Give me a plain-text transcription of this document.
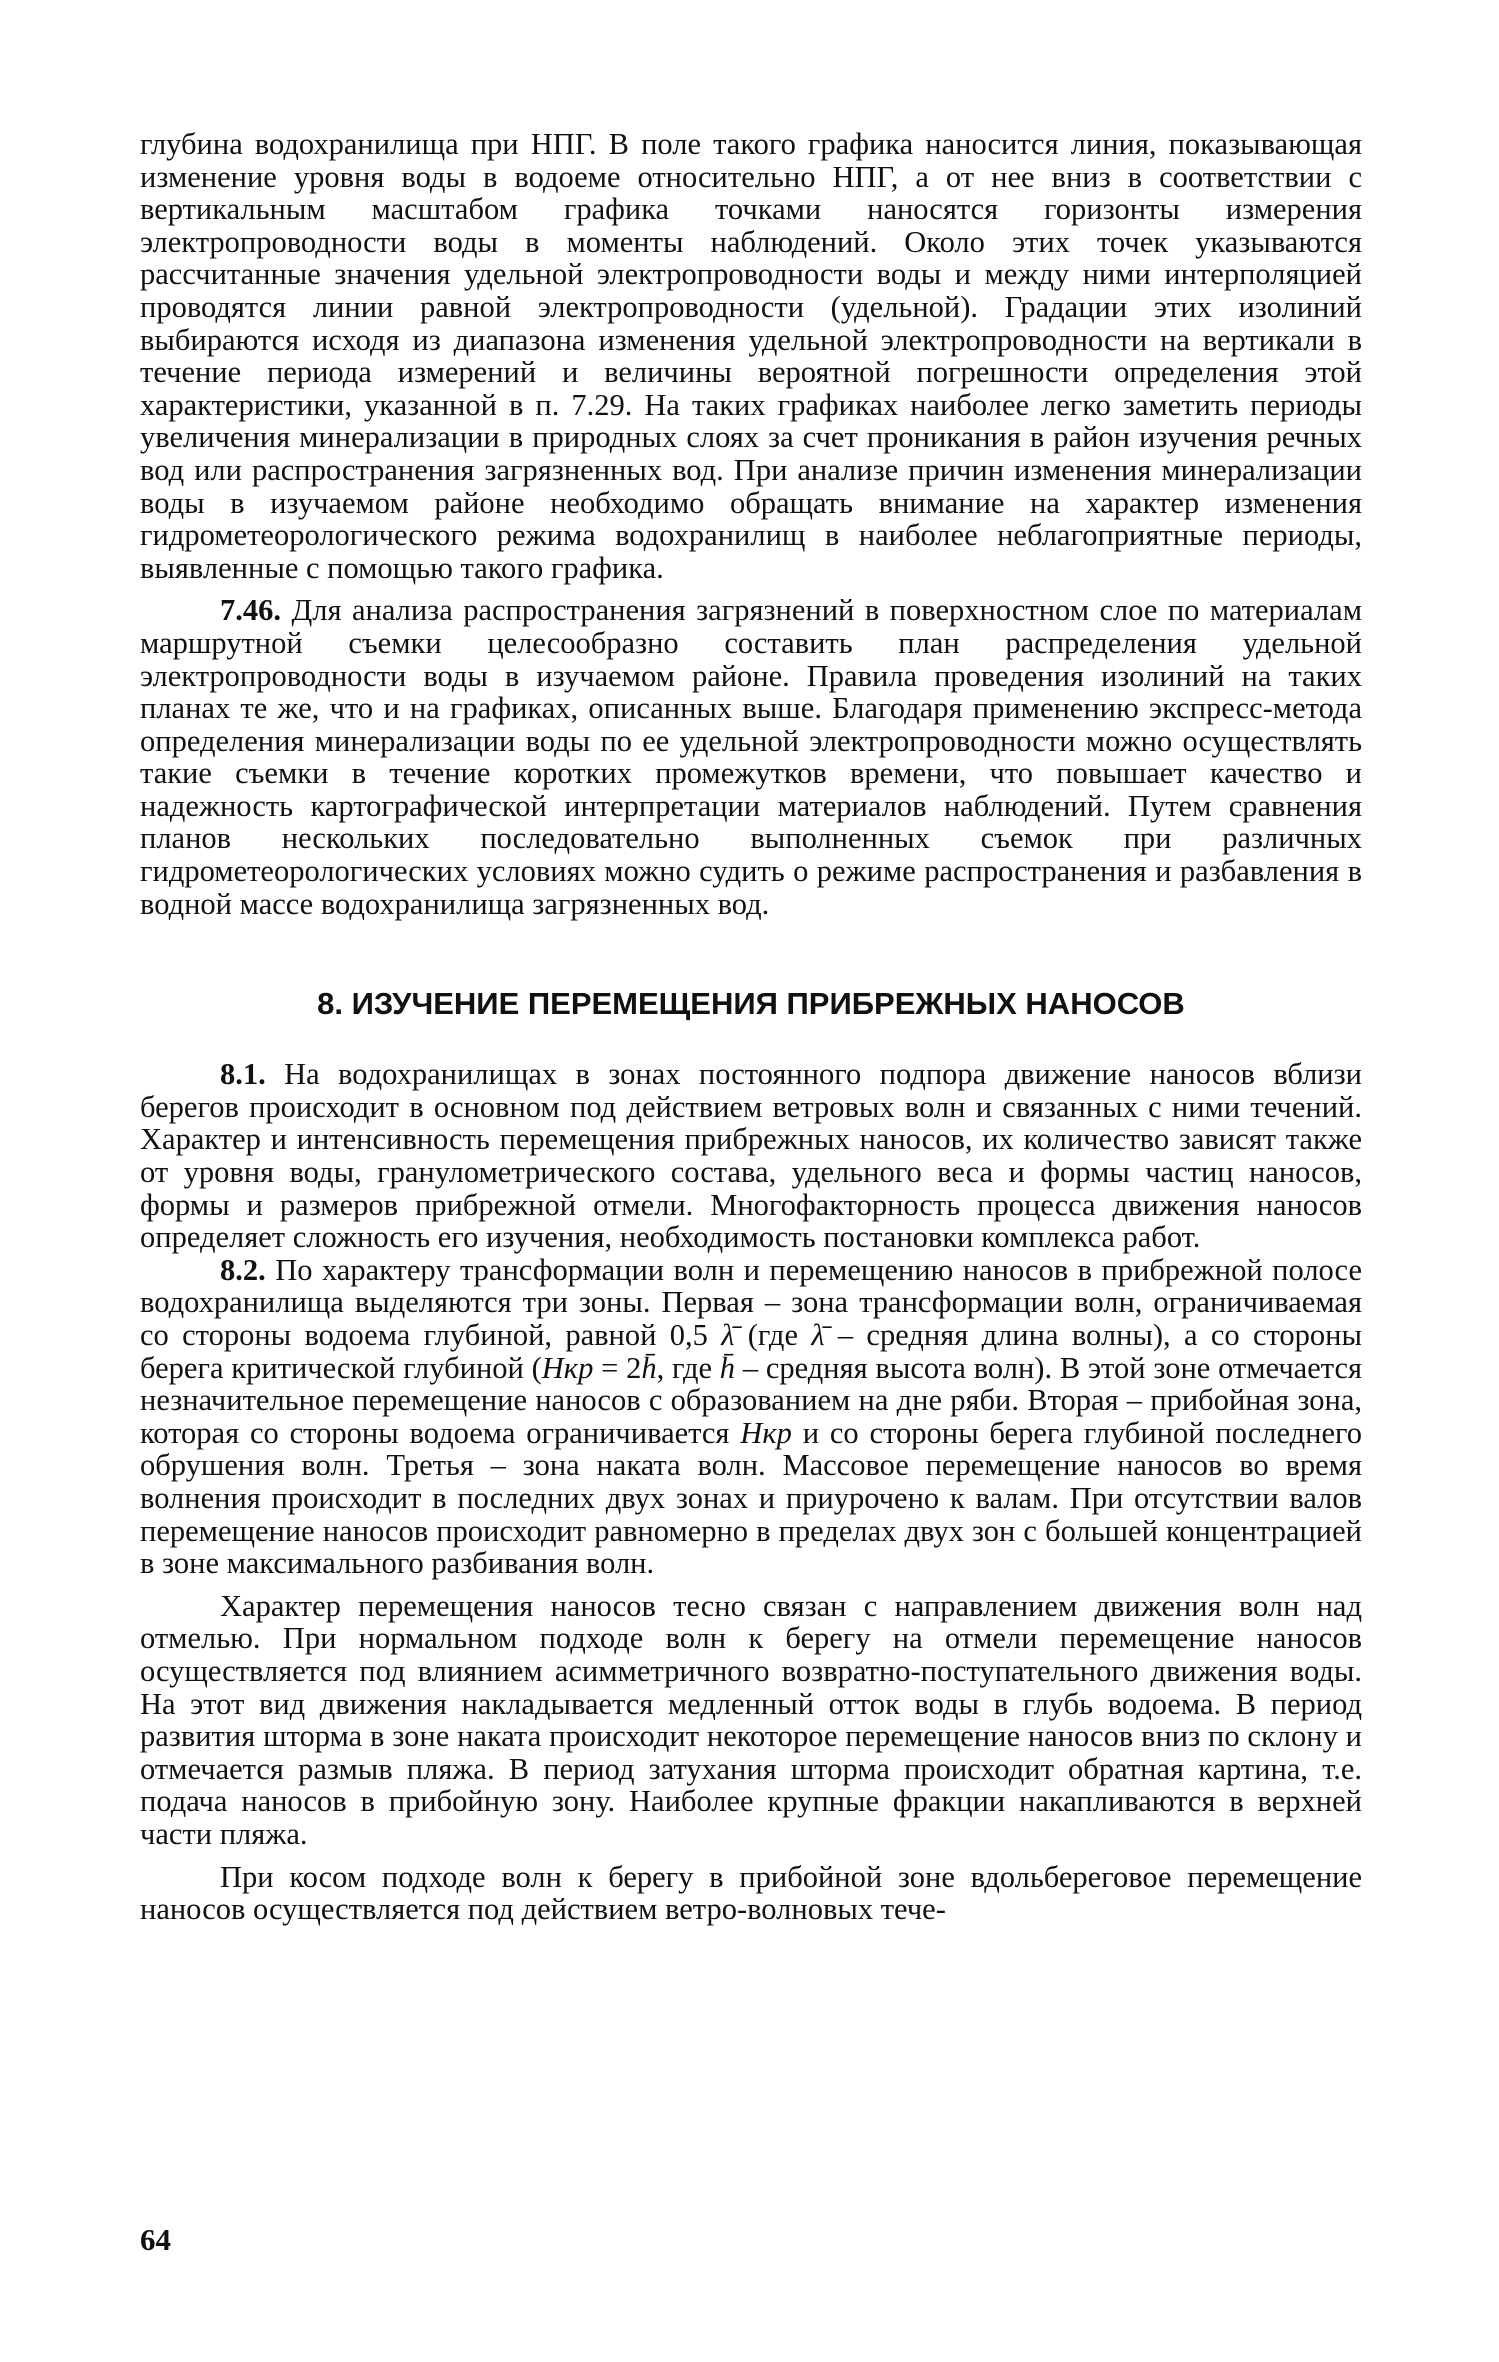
глубина водохранилища при НПГ. В поле такого графика наносится линия, показывающая изменение уровня воды в водоеме относительно НПГ, а от нее вниз в соответствии с вертикальным масштабом графика точками наносятся горизонты измерения электропроводности воды в моменты наблюдений. Около этих точек указываются рассчитанные значения удельной электропроводности воды и между ними интерполяцией проводятся линии равной электропроводности (удельной). Градации этих изолиний выбираются исходя из диапазона изменения удельной электропроводности на вертикали в течение периода измерений и величины вероятной погрешности определения этой характеристики, указанной в п. 7.29. На таких графиках наиболее легко заметить периоды увеличения минерализации в природных слоях за счет проникания в район изучения речных вод или распространения загрязненных вод. При анализе причин изменения минерализации воды в изучаемом районе необходимо обращать внимание на характер изменения гидрометеорологического режима водохранилищ в наиболее неблагоприятные периоды, выявленные с помощью такого графика.

7.46. Для анализа распространения загрязнений в поверхностном слое по материалам маршрутной съемки целесообразно составить план распределения удельной электропроводности воды в изучаемом районе. Правила проведения изолиний на таких планах те же, что и на графиках, описанных выше. Благодаря применению экспресс-метода определения минерализации воды по ее удельной электропроводности можно осуществлять такие съемки в течение коротких промежутков времени, что повышает качество и надежность картографической интерпретации материалов наблюдений. Путем сравнения планов нескольких последовательно выполненных съемок при различных гидрометеорологических условиях можно судить о режиме распространения и разбавления в водной массе водохранилища загрязненных вод.

8. ИЗУЧЕНИЕ ПЕРЕМЕЩЕНИЯ ПРИБРЕЖНЫХ НАНОСОВ

8.1. На водохранилищах в зонах постоянного подпора движение наносов вблизи берегов происходит в основном под действием ветровых волн и связанных с ними течений. Характер и интенсивность перемещения прибрежных наносов, их количество зависят также от уровня воды, гранулометрического состава, удельного веса и формы частиц наносов, формы и размеров прибрежной отмели. Многофакторность процесса движения наносов определяет сложность его изучения, необходимость постановки комплекса работ.

8.2. По характеру трансформации волн и перемещению наносов в прибрежной полосе водохранилища выделяются три зоны. Первая – зона трансформации волн, ограничиваемая со стороны водоема глубиной, равной 0,5 λ̄ (где λ̄ – средняя длина волны), а со стороны берега критической глубиной (Hкр = 2h̄, где h̄ – средняя высота волн). В этой зоне отмечается незначительное перемещение наносов с образованием на дне ряби. Вторая – прибойная зона, которая со стороны водоема ограничивается Hкр и со стороны берега глубиной последнего обрушения волн. Третья – зона наката волн. Массовое перемещение наносов во время волнения происходит в последних двух зонах и приурочено к валам. При отсутствии валов перемещение наносов происходит равномерно в пределах двух зон с большей концентрацией в зоне максимального разбивания волн.

Характер перемещения наносов тесно связан с направлением движения волн над отмелью. При нормальном подходе волн к берегу на отмели перемещение наносов осуществляется под влиянием асимметричного возвратно-поступательного движения воды. На этот вид движения накладывается медленный отток воды в глубь водоема. В период развития шторма в зоне наката происходит некоторое перемещение наносов вниз по склону и отмечается размыв пляжа. В период затухания шторма происходит обратная картина, т.е. подача наносов в прибойную зону. Наиболее крупные фракции накапливаются в верхней части пляжа.

При косом подходе волн к берегу в прибойной зоне вдольбереговое перемещение наносов осуществляется под действием ветро-волновых тече-

64
